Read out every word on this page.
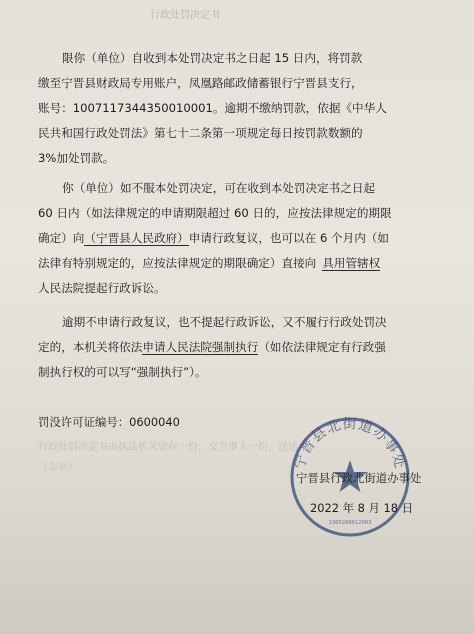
行政处罚决定书
限你（单位）自收到本处罚决定书之日起 15 日内，将罚款
缴至宁晋县财政局专用账户，凤凰路邮政储蓄银行宁晋县支行，
账号：1007117344350010001。逾期不缴纳罚款，依据《中华人
民共和国行政处罚法》第七十二条第一项规定每日按罚款数额的
3%加处罚款。
你（单位）如不服本处罚决定，可在收到本处罚决定书之日起
60 日内（如法律规定的申请期限超过 60 日的，应按法律规定的期限
确定）向（宁晋县人民政府）申请行政复议，也可以在 6 个月内（如
法律有特别规定的，应按法律规定的期限确定）直接向 具用管辖权
人民法院提起行政诉讼。
逾期不申请行政复议，也不提起行政诉讼，又不履行行政处罚决
定的，本机关将依法申请人民法院强制执行（如依法律规定有行政强
制执行权的可以写“强制执行”）。
罚没许可证编号：0600040
行政处罚决定书由执法机关留存一份，交当事人一份，送达
（盖章）	宁晋县北街道办事处
1305280012003
宁晋县行政北街道办事处
2022 年 8 月 18 日
